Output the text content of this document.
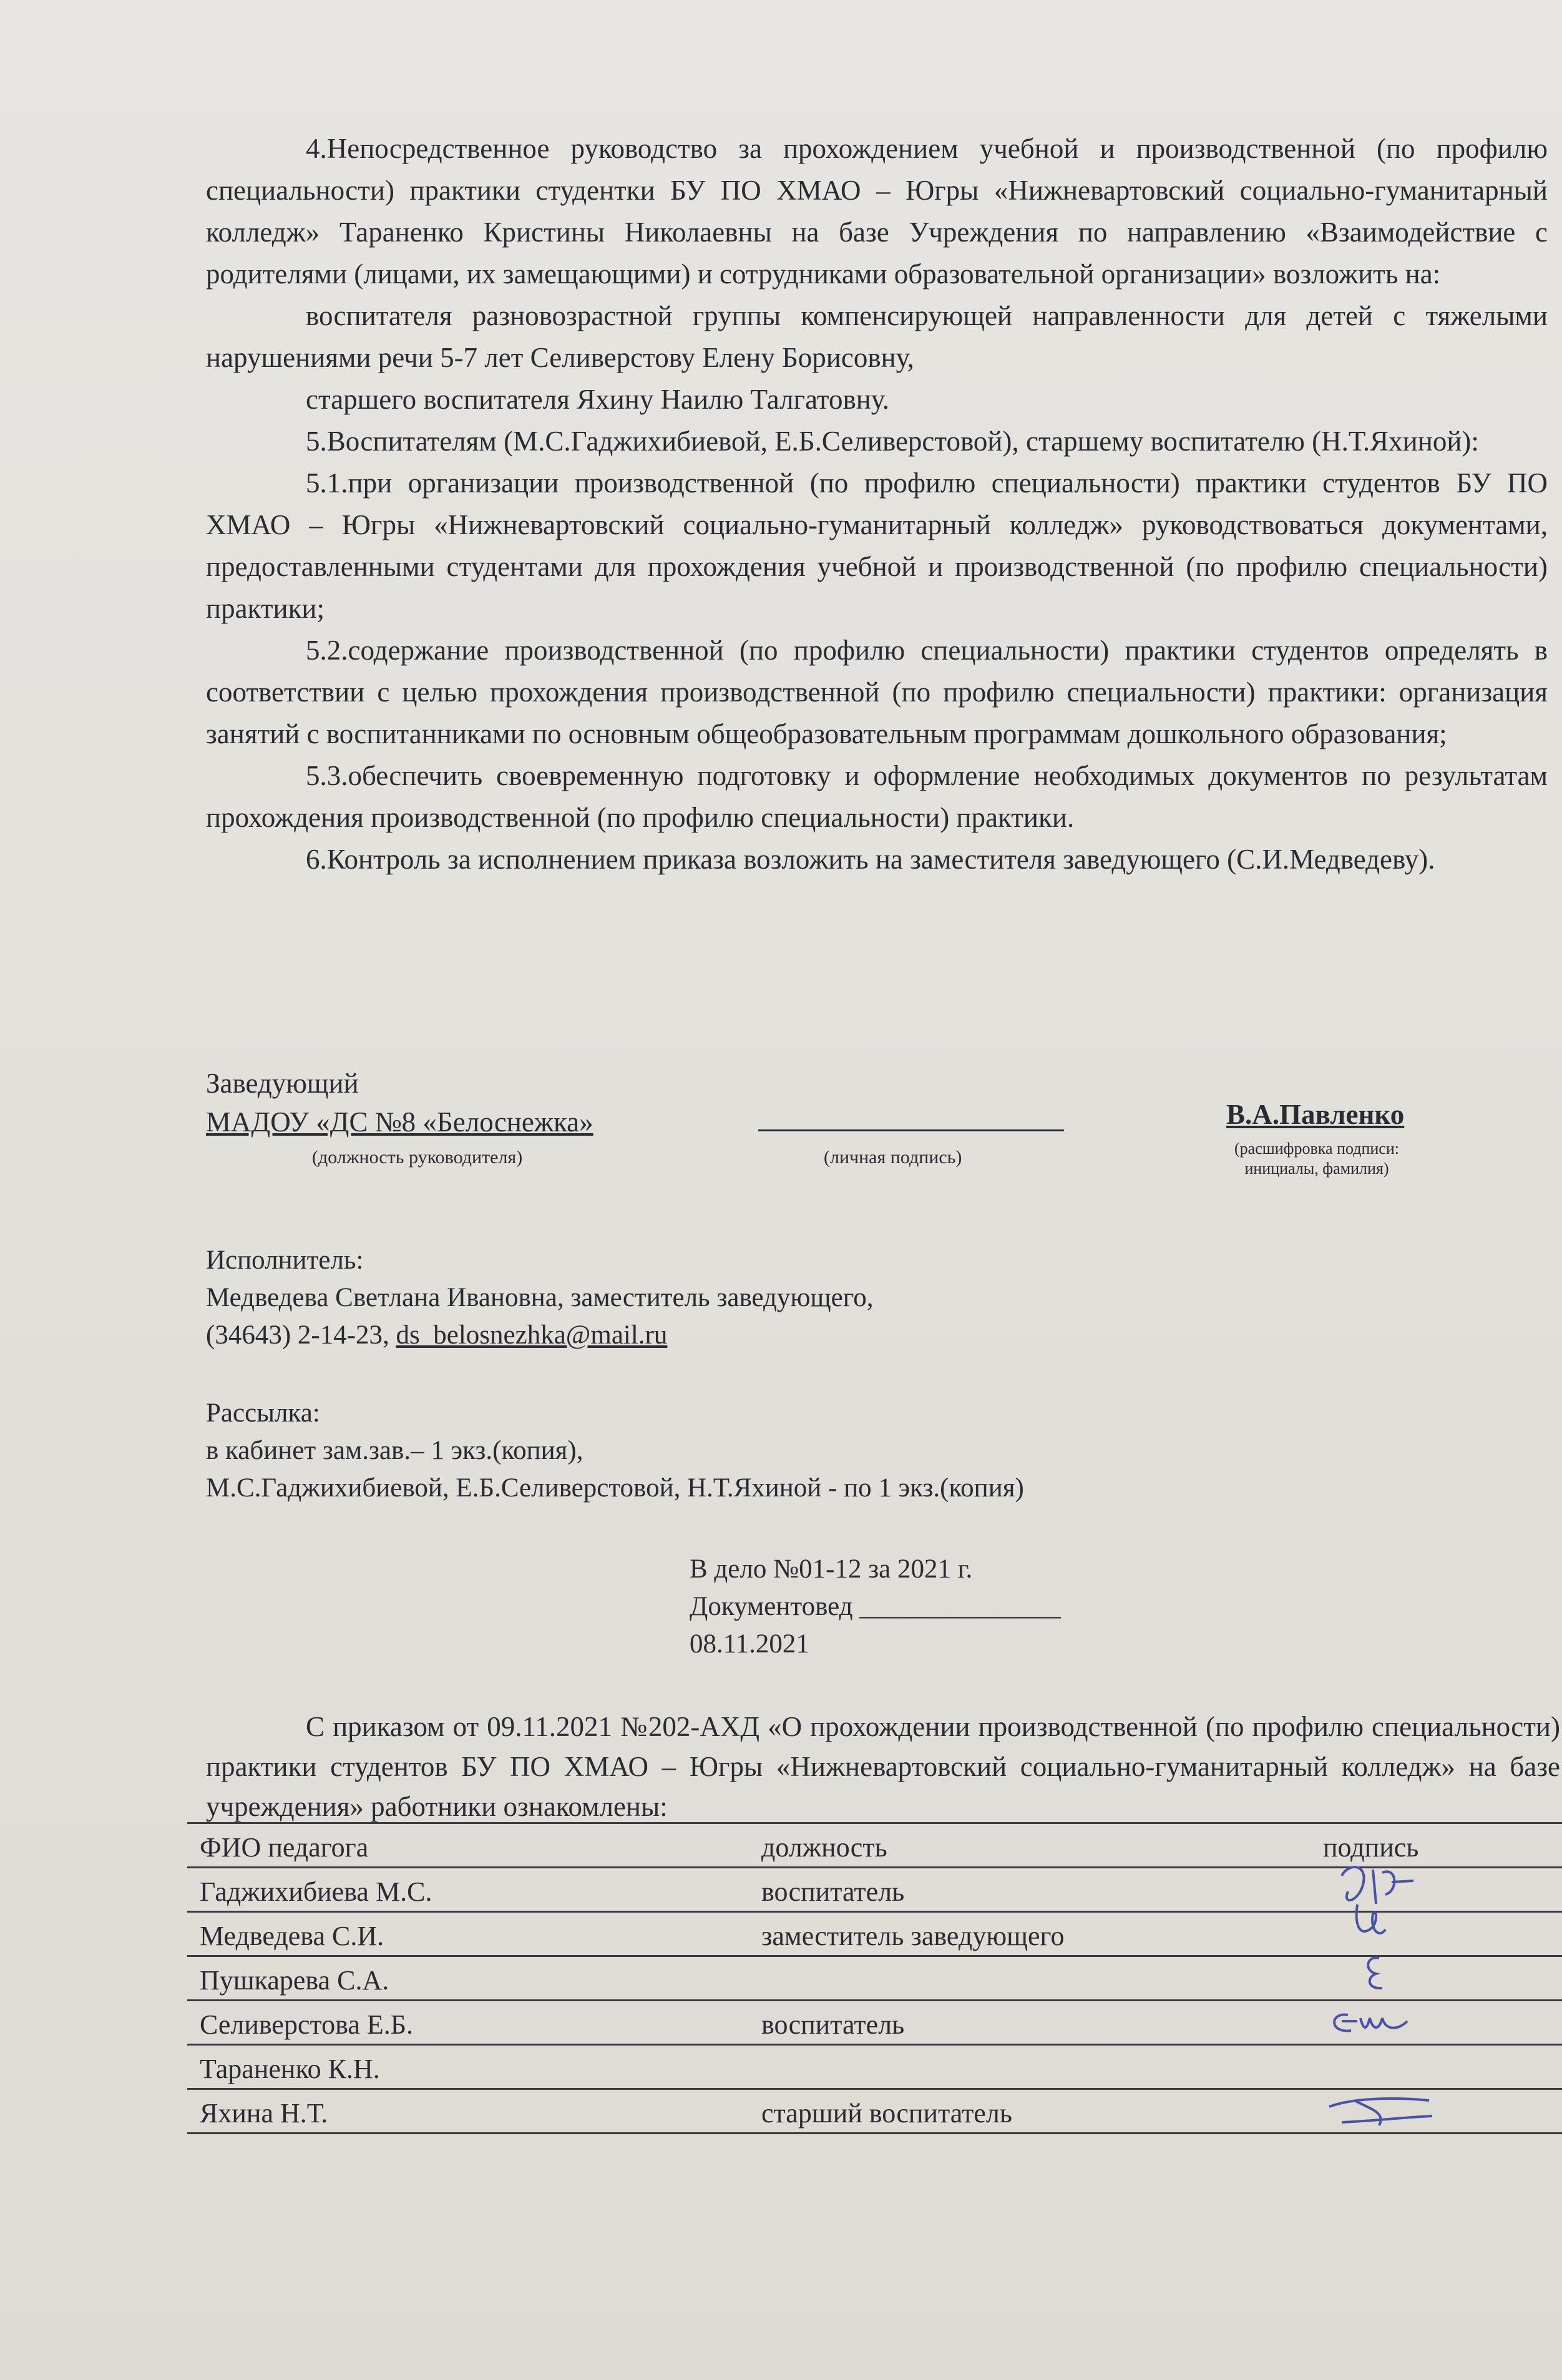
4.Непосредственное руководство за прохождением учебной и производственной (по профилю специальности) практики студентки БУ ПО ХМАО – Югры «Нижневартовский социально-гуманитарный колледж» Тараненко Кристины Николаевны на базе Учреждения по направлению «Взаимодействие с родителями (лицами, их замещающими) и сотрудниками образовательной организации» возложить на:

воспитателя разновозрастной группы компенсирующей направленности для детей с тяжелыми нарушениями речи 5-7 лет Селиверстову Елену Борисовну,

старшего воспитателя Яхину Наилю Талгатовну.

5.Воспитателям (М.С.Гаджихибиевой, Е.Б.Селиверстовой), старшему воспитателю (Н.Т.Яхиной):

5.1.при организации производственной (по профилю специальности) практики студентов БУ ПО ХМАО – Югры «Нижневартовский социально-гуманитарный колледж» руководствоваться документами, предоставленными студентами для прохождения учебной и производственной (по профилю специальности) практики;

5.2.содержание производственной (по профилю специальности) практики студентов определять в соответствии с целью прохождения производственной (по профилю специальности) практики: организация занятий с воспитанниками по основным общеобразовательным программам дошкольного образования;

5.3.обеспечить своевременную подготовку и оформление необходимых документов по результатам прохождения производственной (по профилю специальности) практики.

6.Контроль за исполнением приказа возложить на заместителя заведующего (С.И.Медведеву).

Заведующий
МАДОУ «ДС №8 «Белоснежка»
(должность руководителя)	(личная подпись)
В.А.Павленко
(расшифровка подписи: инициалы, фамилия)
Исполнитель:
Медведева Светлана Ивановна, заместитель заведующего,
(34643) 2-14-23, ds_belosnezhka@mail.ru
Рассылка:
в кабинет зам.зав.– 1 экз.(копия),
М.С.Гаджихибиевой, Е.Б.Селиверстовой, Н.Т.Яхиной - по 1 экз.(копия)
В дело №01-12 за 2021 г.
Документовед _______________
08.11.2021

С приказом от 09.11.2021 №202-АХД «О прохождении производственной (по профилю специальности) практики студентов БУ ПО ХМАО – Югры «Нижневартовский социально-гуманитарный колледж» на базе учреждения» работники ознакомлены:

ФИО педагога	должность	подпись
Гаджихибиева М.С.	воспитатель
Медведева С.И.	заместитель заведующего
Пушкарева С.А.
Селиверстова Е.Б.	воспитатель
Тараненко К.Н.
Яхина Н.Т.	старший воспитатель
